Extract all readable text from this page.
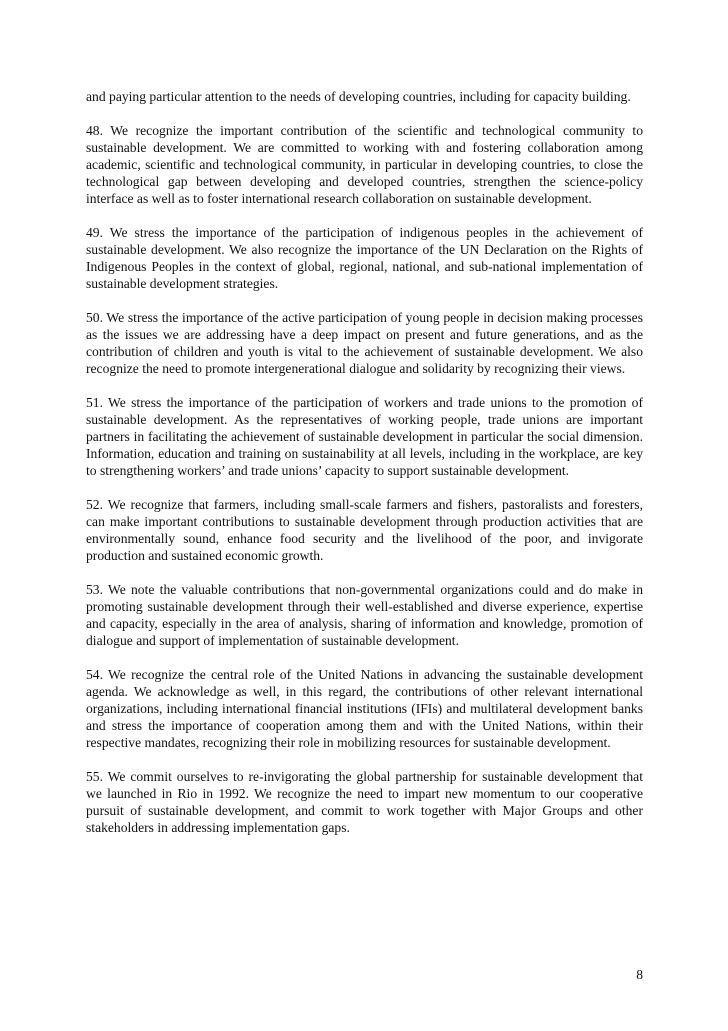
and paying particular attention to the needs of developing countries, including for capacity building.

48. We recognize the important contribution of the scientific and technological community to sustainable development. We are committed to working with and fostering collaboration among academic, scientific and technological community, in particular in developing countries, to close the technological gap between developing and developed countries, strengthen the science-policy interface as well as to foster international research collaboration on sustainable development.

49. We stress the importance of the participation of indigenous peoples in the achievement of sustainable development. We also recognize the importance of the UN Declaration on the Rights of Indigenous Peoples in the context of global, regional, national, and sub-national implementation of sustainable development strategies.

50. We stress the importance of the active participation of young people in decision making processes as the issues we are addressing have a deep impact on present and future generations, and as the contribution of children and youth is vital to the achievement of sustainable development. We also recognize the need to promote intergenerational dialogue and solidarity by recognizing their views.

51. We stress the importance of the participation of workers and trade unions to the promotion of sustainable development. As the representatives of working people, trade unions are important partners in facilitating the achievement of sustainable development in particular the social dimension. Information, education and training on sustainability at all levels, including in the workplace, are key to strengthening workers’ and trade unions’ capacity to support sustainable development.

52. We recognize that farmers, including small-scale farmers and fishers, pastoralists and foresters, can make important contributions to sustainable development through production activities that are environmentally sound, enhance food security and the livelihood of the poor, and invigorate production and sustained economic growth.

53. We note the valuable contributions that non-governmental organizations could and do make in promoting sustainable development through their well-established and diverse experience, expertise and capacity, especially in the area of analysis, sharing of information and knowledge, promotion of dialogue and support of implementation of sustainable development.

54. We recognize the central role of the United Nations in advancing the sustainable development agenda. We acknowledge as well, in this regard, the contributions of other relevant international organizations, including international financial institutions (IFIs) and multilateral development banks and stress the importance of cooperation among them and with the United Nations, within their respective mandates, recognizing their role in mobilizing resources for sustainable development.

55. We commit ourselves to re-invigorating the global partnership for sustainable development that we launched in Rio in 1992. We recognize the need to impart new momentum to our cooperative pursuit of sustainable development, and commit to work together with Major Groups and other stakeholders in addressing implementation gaps.

8
